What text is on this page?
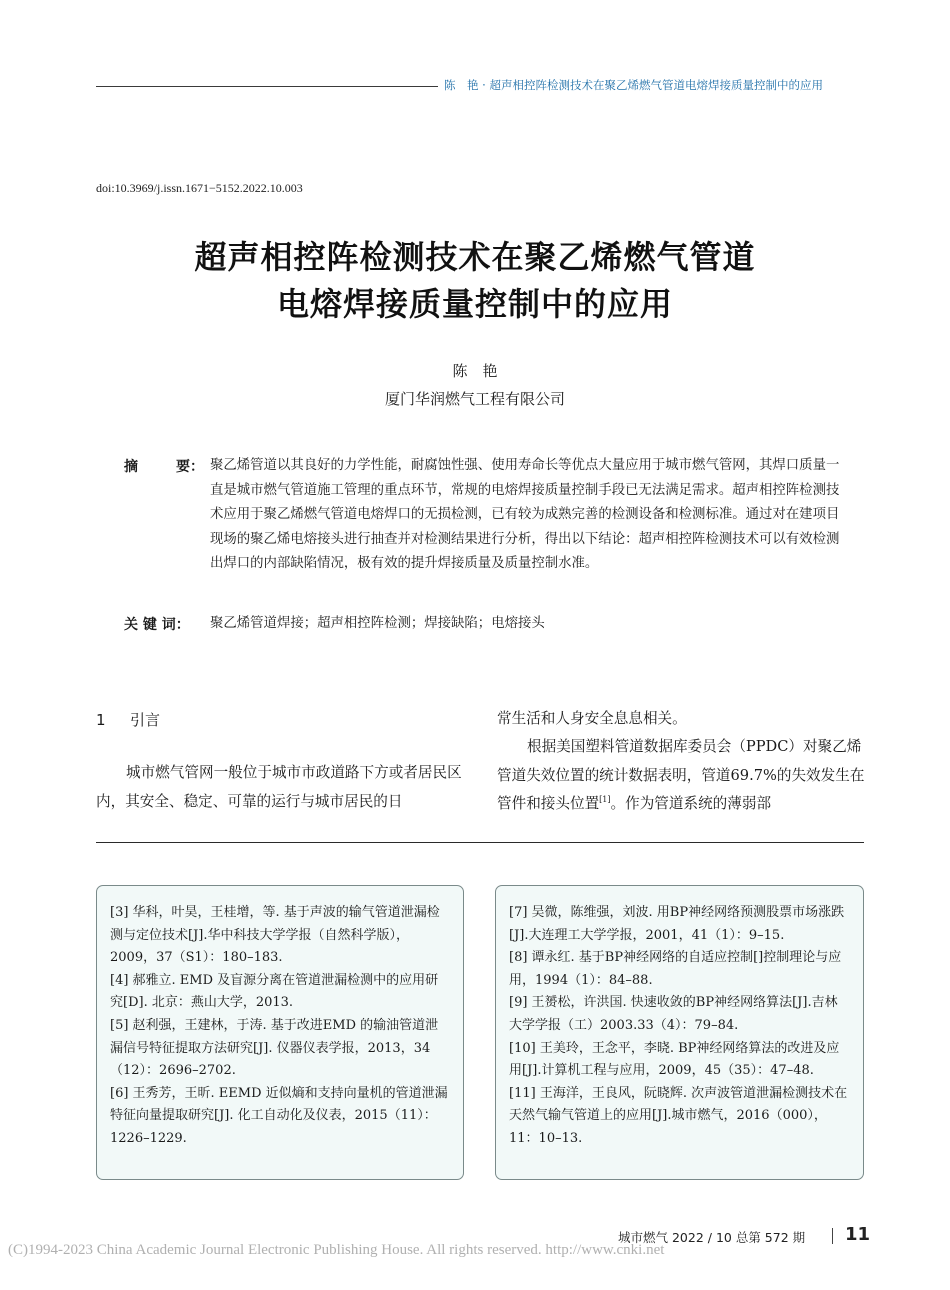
陈　艳 · 超声相控阵检测技术在聚乙烯燃气管道电熔焊接质量控制中的应用
doi:10.3969/j.issn.1671−5152.2022.10.003
超声相控阵检测技术在聚乙烯燃气管道
电熔焊接质量控制中的应用
陈　艳
厦门华润燃气工程有限公司
摘	要： 聚乙烯管道以其良好的力学性能，耐腐蚀性强、使用寿命长等优点大量应用于城市燃气管网，其焊口质量一直是城市燃气管道施工管理的重点环节，常规的电熔焊接质量控制手段已无法满足需求。超声相控阵检测技术应用于聚乙烯燃气管道电熔焊口的无损检测，已有较为成熟完善的检测设备和检测标准。通过对在建项目现场的聚乙烯电熔接头进行抽查并对检测结果进行分析，得出以下结论：超声相控阵检测技术可以有效检测出焊口的内部缺陷情况，极有效的提升焊接质量及质量控制水准。
关 键 词： 聚乙烯管道焊接；超声相控阵检测；焊接缺陷；电熔接头
1 引言
城市燃气管网一般位于城市市政道路下方或者居民区内，其安全、稳定、可靠的运行与城市居民的日
常生活和人身安全息息相关。
根据美国塑料管道数据库委员会（PPDC）对聚乙烯管道失效位置的统计数据表明，管道69.7%的失效发生在管件和接头位置[1]。作为管道系统的薄弱部

[3] 华科，叶昊，王桂增，等. 基于声波的输气管道泄漏检测与定位技术[J].华中科技大学学报（自然科学版），2009，37（S1）：180–183.

[4] 郝雅立. EMD 及盲源分离在管道泄漏检测中的应用研究[D]. 北京：燕山大学，2013.

[5] 赵利强，王建林，于涛. 基于改进EMD 的输油管道泄漏信号特征提取方法研究[J]. 仪器仪表学报，2013，34（12）：2696–2702.

[6] 王秀芳，王昕. EEMD 近似熵和支持向量机的管道泄漏特征向量提取研究[J]. 化工自动化及仪表，2015（11）：1226–1229.

[7] 吴微，陈维强，刘波. 用BP神经网络预测股票市场涨跌[J].大连理工大学学报，2001，41（1）：9–15.

[8] 谭永红. 基于BP神经网络的自适应控制[]控制理论与应用，1994（1）：84–88.

[9] 王赟松，许洪国. 快速收敛的BP神经网络算法[J].吉林大学学报（工）2003.33（4）：79–84.

[10] 王美玲，王念平，李晓. BP神经网络算法的改进及应用[J].计算机工程与应用，2009，45（35）：47–48.

[11] 王海洋，王良风，阮晓辉. 次声波管道泄漏检测技术在天然气输气管道上的应用[J].城市燃气，2016（000），11：10–13.

城市燃气 2022 / 10 总第 572 期 11
(C)1994-2023 China Academic Journal Electronic Publishing House. All rights reserved. http://www.cnki.net
